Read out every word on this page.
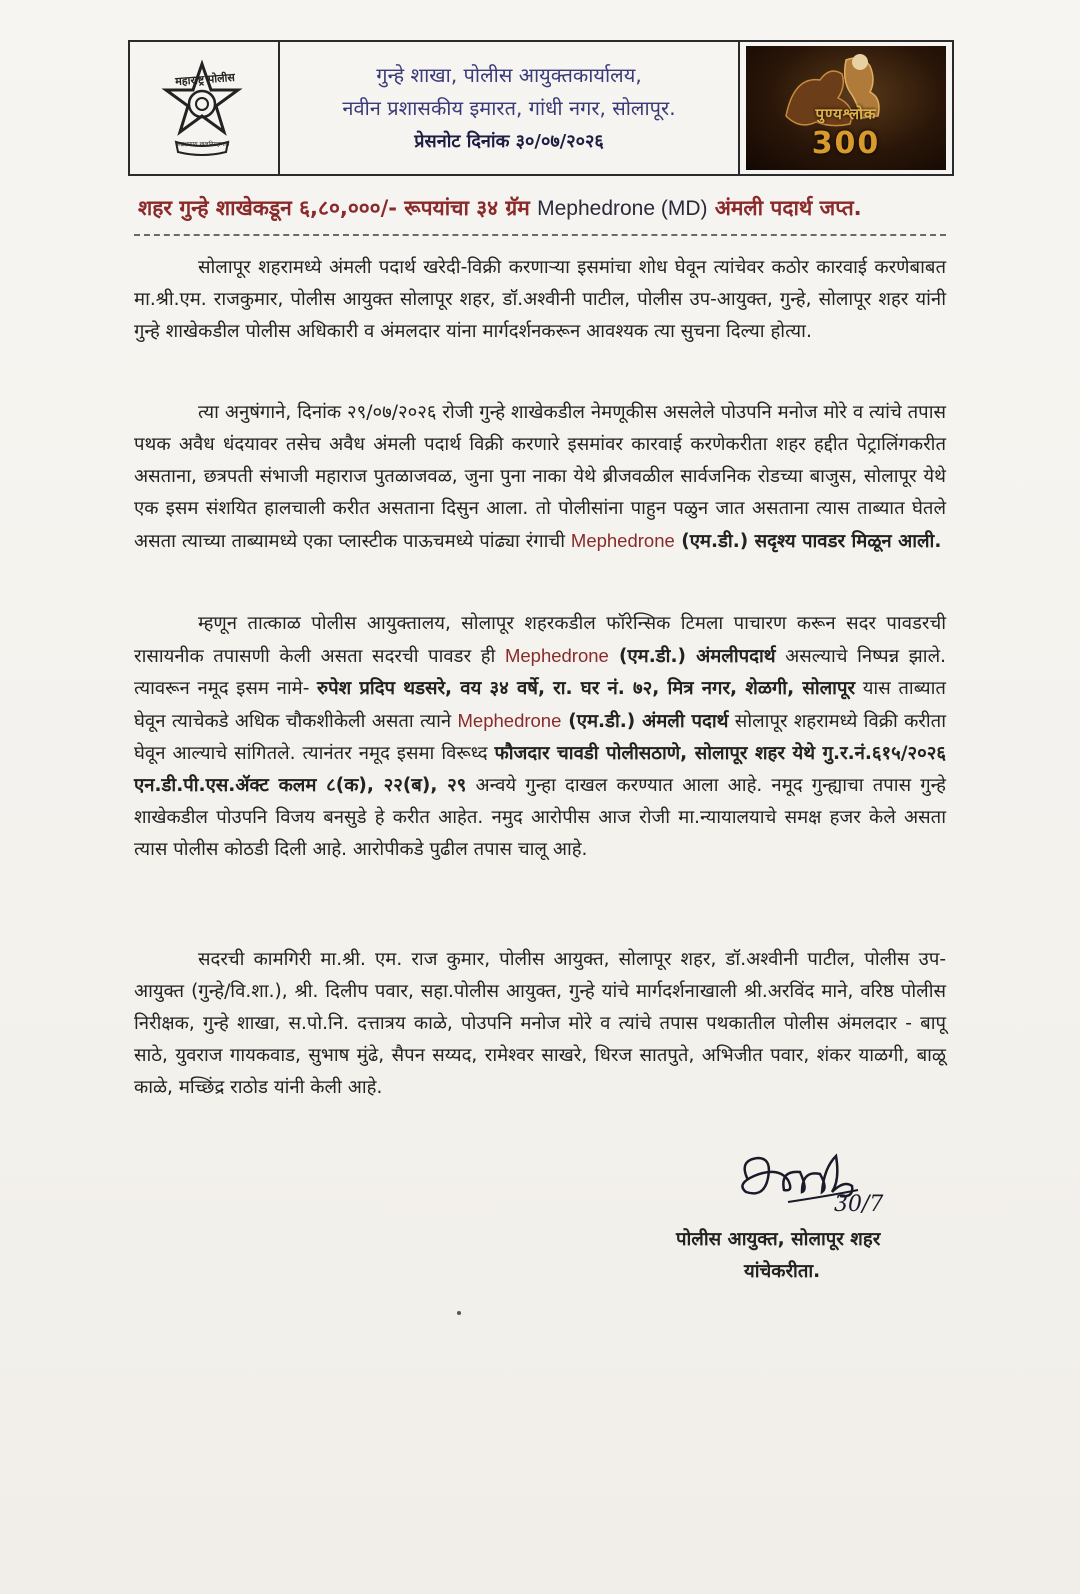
महाराष्ट्र पोलीस
सद्रक्षणाय खलनिग्रहणाय
गुन्हे शाखा, पोलीस आयुक्तकार्यालय,
नवीन प्रशासकीय इमारत, गांधी नगर, सोलापूर.
प्रेसनोट दिनांक ३०/०७/२०२६
पुण्यश्लोक
300
शहर गुन्हे शाखेकडून ६,८०,०००/- रूपयांचा ३४ ग्रॅम Mephedrone (MD) अंमली पदार्थ जप्त.
सोलापूर शहरामध्ये अंमली पदार्थ खरेदी-विक्री करणाऱ्या इसमांचा शोध घेवून त्यांचेवर कठोर कारवाई करणेबाबत मा.श्री.एम. राजकुमार, पोलीस आयुक्त सोलापूर शहर, डॉ.अश्वीनी पाटील, पोलीस उप-आयुक्त, गुन्हे, सोलापूर शहर यांनी गुन्हे शाखेकडील पोलीस अधिकारी व अंमलदार यांना मार्गदर्शनकरून आवश्यक त्या सुचना दिल्या होत्या.
त्या अनुषंगाने, दिनांक २९/०७/२०२६ रोजी गुन्हे शाखेकडील नेमणूकीस असलेले पोउपनि मनोज मोरे व त्यांचे तपास पथक अवैध धंदयावर तसेच अवैध अंमली पदार्थ विक्री करणारे इसमांवर कारवाई करणेकरीता शहर हद्दीत पेट्रालिंगकरीत असताना, छत्रपती संभाजी महाराज पुतळाजवळ, जुना पुना नाका येथे ब्रीजवळील सार्वजनिक रोडच्या बाजुस, सोलापूर येथे एक इसम संशयित हालचाली करीत असताना दिसुन आला. तो पोलीसांना पाहुन पळुन जात असताना त्यास ताब्यात घेतले असता त्याच्या ताब्यामध्ये एका प्लास्टीक पाऊचमध्ये पांढ्या रंगाची Mephedrone (एम.डी.) सदृश्य पावडर मिळून आली.
म्हणून तात्काळ पोलीस आयुक्तालय, सोलापूर शहरकडील फॉरेन्सिक टिमला पाचारण करून सदर पावडरची रासायनीक तपासणी केली असता सदरची पावडर ही Mephedrone (एम.डी.) अंमलीपदार्थ असल्याचे निष्पन्न झाले. त्यावरून नमूद इसम नामे- रुपेश प्रदिप थडसरे, वय ३४ वर्षे, रा. घर नं. ७२, मित्र नगर, शेळगी, सोलापूर यास ताब्यात घेवून त्याचेकडे अधिक चौकशीकेली असता त्याने Mephedrone (एम.डी.) अंमली पदार्थ सोलापूर शहरामध्ये विक्री करीता घेवून आल्याचे सांगितले. त्यानंतर नमूद इसमा विरूध्द फौजदार चावडी पोलीसठाणे, सोलापूर शहर येथे गु.र.नं.६१५/२०२६ एन.डी.पी.एस.ॲक्ट कलम ८(क), २२(ब), २९ अन्वये गुन्हा दाखल करण्यात आला आहे. नमूद गुन्ह्याचा तपास गुन्हे शाखेकडील पोउपनि विजय बनसुडे हे करीत आहेत. नमुद आरोपीस आज रोजी मा.न्यायालयाचे समक्ष हजर केले असता त्यास पोलीस कोठडी दिली आहे. आरोपीकडे पुढील तपास चालू आहे.
सदरची कामगिरी मा.श्री. एम. राज कुमार, पोलीस आयुक्त, सोलापूर शहर, डॉ.अश्वीनी पाटील, पोलीस उप-आयुक्त (गुन्हे/वि.शा.), श्री. दिलीप पवार, सहा.पोलीस आयुक्त, गुन्हे यांचे मार्गदर्शनाखाली श्री.अरविंद माने, वरिष्ठ पोलीस निरीक्षक, गुन्हे शाखा, स.पो.नि. दत्तात्रय काळे, पोउपनि मनोज मोरे व त्यांचे तपास पथकातील पोलीस अंमलदार - बापू साठे, युवराज गायकवाड, सुभाष मुंढे, सैपन सय्यद, रामेश्वर साखरे, धिरज सातपुते, अभिजीत पवार, शंकर याळगी, बाळू काळे, मच्छिंद्र राठोड यांनी केली आहे.
30/7
पोलीस आयुक्त, सोलापूर शहर
यांचेकरीता.
